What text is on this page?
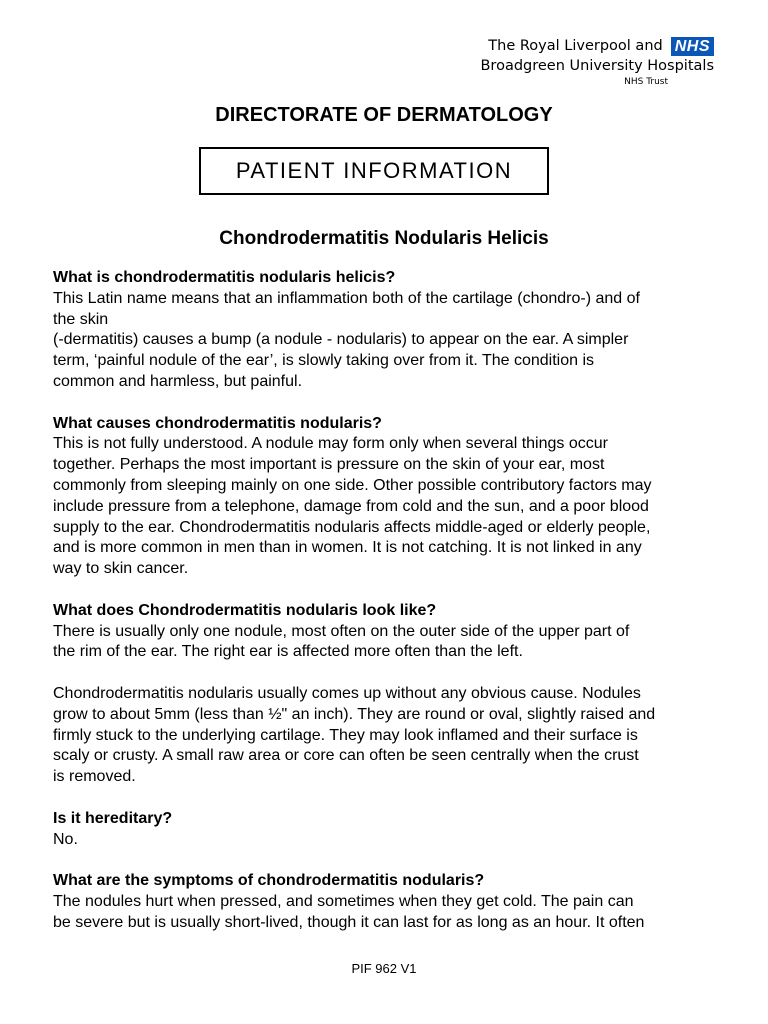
The Royal Liverpool and NHS
Broadgreen University Hospitals
NHS Trust
DIRECTORATE OF DERMATOLOGY
PATIENT INFORMATION
Chondrodermatitis Nodularis Helicis

What is chondrodermatitis nodularis helicis?

This Latin name means that an inflammation both of the cartilage (chondro-) and of
the skin
(-dermatitis) causes a bump (a nodule - nodularis) to appear on the ear. A simpler
term, ‘painful nodule of the ear’, is slowly taking over from it. The condition is
common and harmless, but painful.

What causes chondrodermatitis nodularis?

This is not fully understood. A nodule may form only when several things occur
together. Perhaps the most important is pressure on the skin of your ear, most
commonly from sleeping mainly on one side. Other possible contributory factors may
include pressure from a telephone, damage from cold and the sun, and a poor blood
supply to the ear. Chondrodermatitis nodularis affects middle-aged or elderly people,
and is more common in men than in women. It is not catching. It is not linked in any
way to skin cancer.

What does Chondrodermatitis nodularis look like?

There is usually only one nodule, most often on the outer side of the upper part of
the rim of the ear. The right ear is affected more often than the left.

Chondrodermatitis nodularis usually comes up without any obvious cause. Nodules
grow to about 5mm (less than ½" an inch). They are round or oval, slightly raised and
firmly stuck to the underlying cartilage. They may look inflamed and their surface is
scaly or crusty. A small raw area or core can often be seen centrally when the crust
is removed.

Is it hereditary?

No.

What are the symptoms of chondrodermatitis nodularis?

The nodules hurt when pressed, and sometimes when they get cold. The pain can
be severe but is usually short-lived, though it can last for as long as an hour. It often

PIF 962 V1
